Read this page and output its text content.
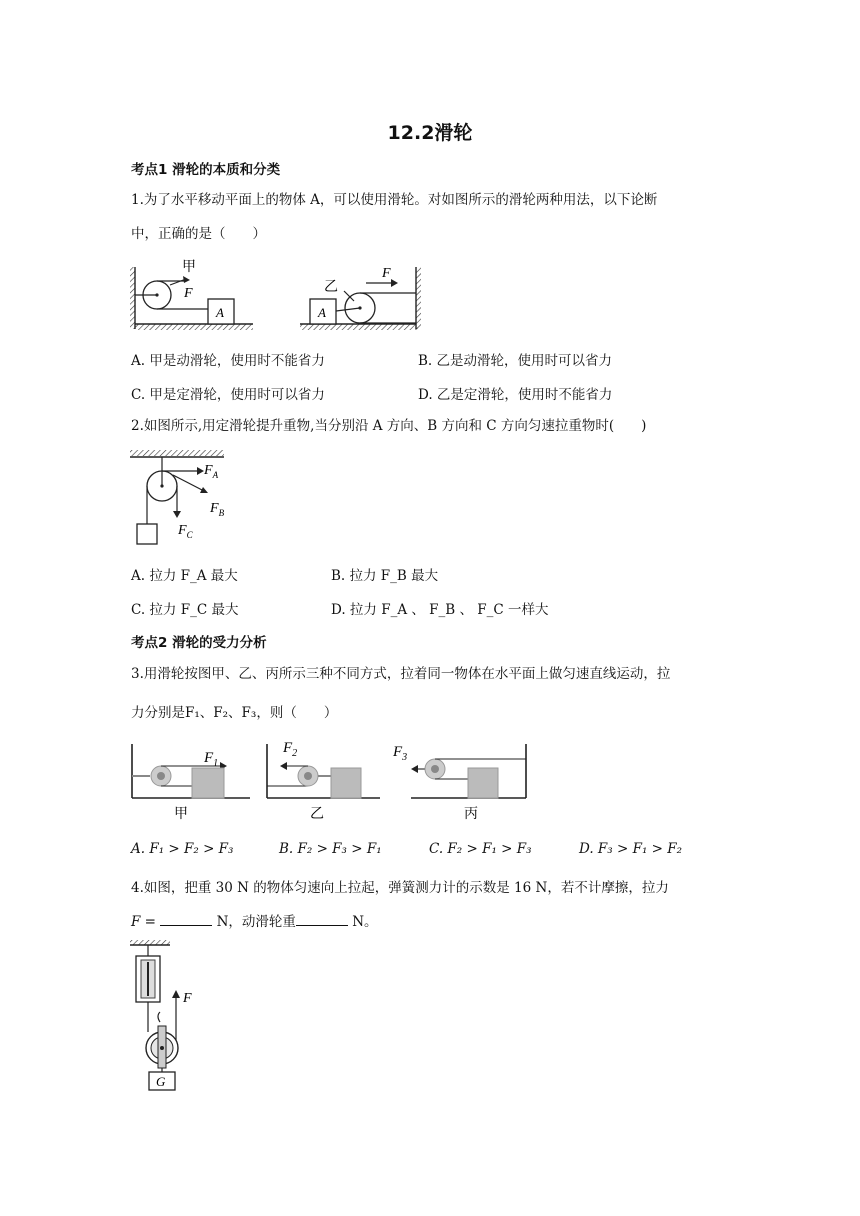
12.2滑轮
考点1 滑轮的本质和分类
1.为了水平移动平面上的物体 A，可以使用滑轮。对如图所示的滑轮两种用法，以下论断
中，正确的是（　　）
甲
F
A	A
乙
F
A. 甲是动滑轮，使用时不能省力	B. 乙是动滑轮，使用时可以省力
C. 甲是定滑轮，使用时可以省力	D. 乙是定滑轮，使用时不能省力
2.如图所示,用定滑轮提升重物,当分别沿 A 方向、B 方向和 C 方向匀速拉重物时(　　)
$F_A$
$F_B$
$F_C$
A. 拉力 F_A 最大	B. 拉力 F_B 最大
C. 拉力 F_C 最大	D. 拉力 F_A 、 F_B 、 F_C 一样大
考点2 滑轮的受力分析
3.用滑轮按图甲、乙、丙所示三种不同方式，拉着同一物体在水平面上做匀速直线运动，拉
力分别是F₁、F₂、F₃，则（　　）
$F_1$
甲
$F_2$
乙
$F_3$
丙
A. F₁ > F₂ > F₃	B. F₂ > F₃ > F₁	C. F₂ > F₁ > F₃	D. F₃ > F₁ > F₂
4.如图，把重 30 N 的物体匀速向上拉起，弹簧测力计的示数是 16 N，若不计摩擦，拉力
F =	N，动滑轮重	N。
F
G
